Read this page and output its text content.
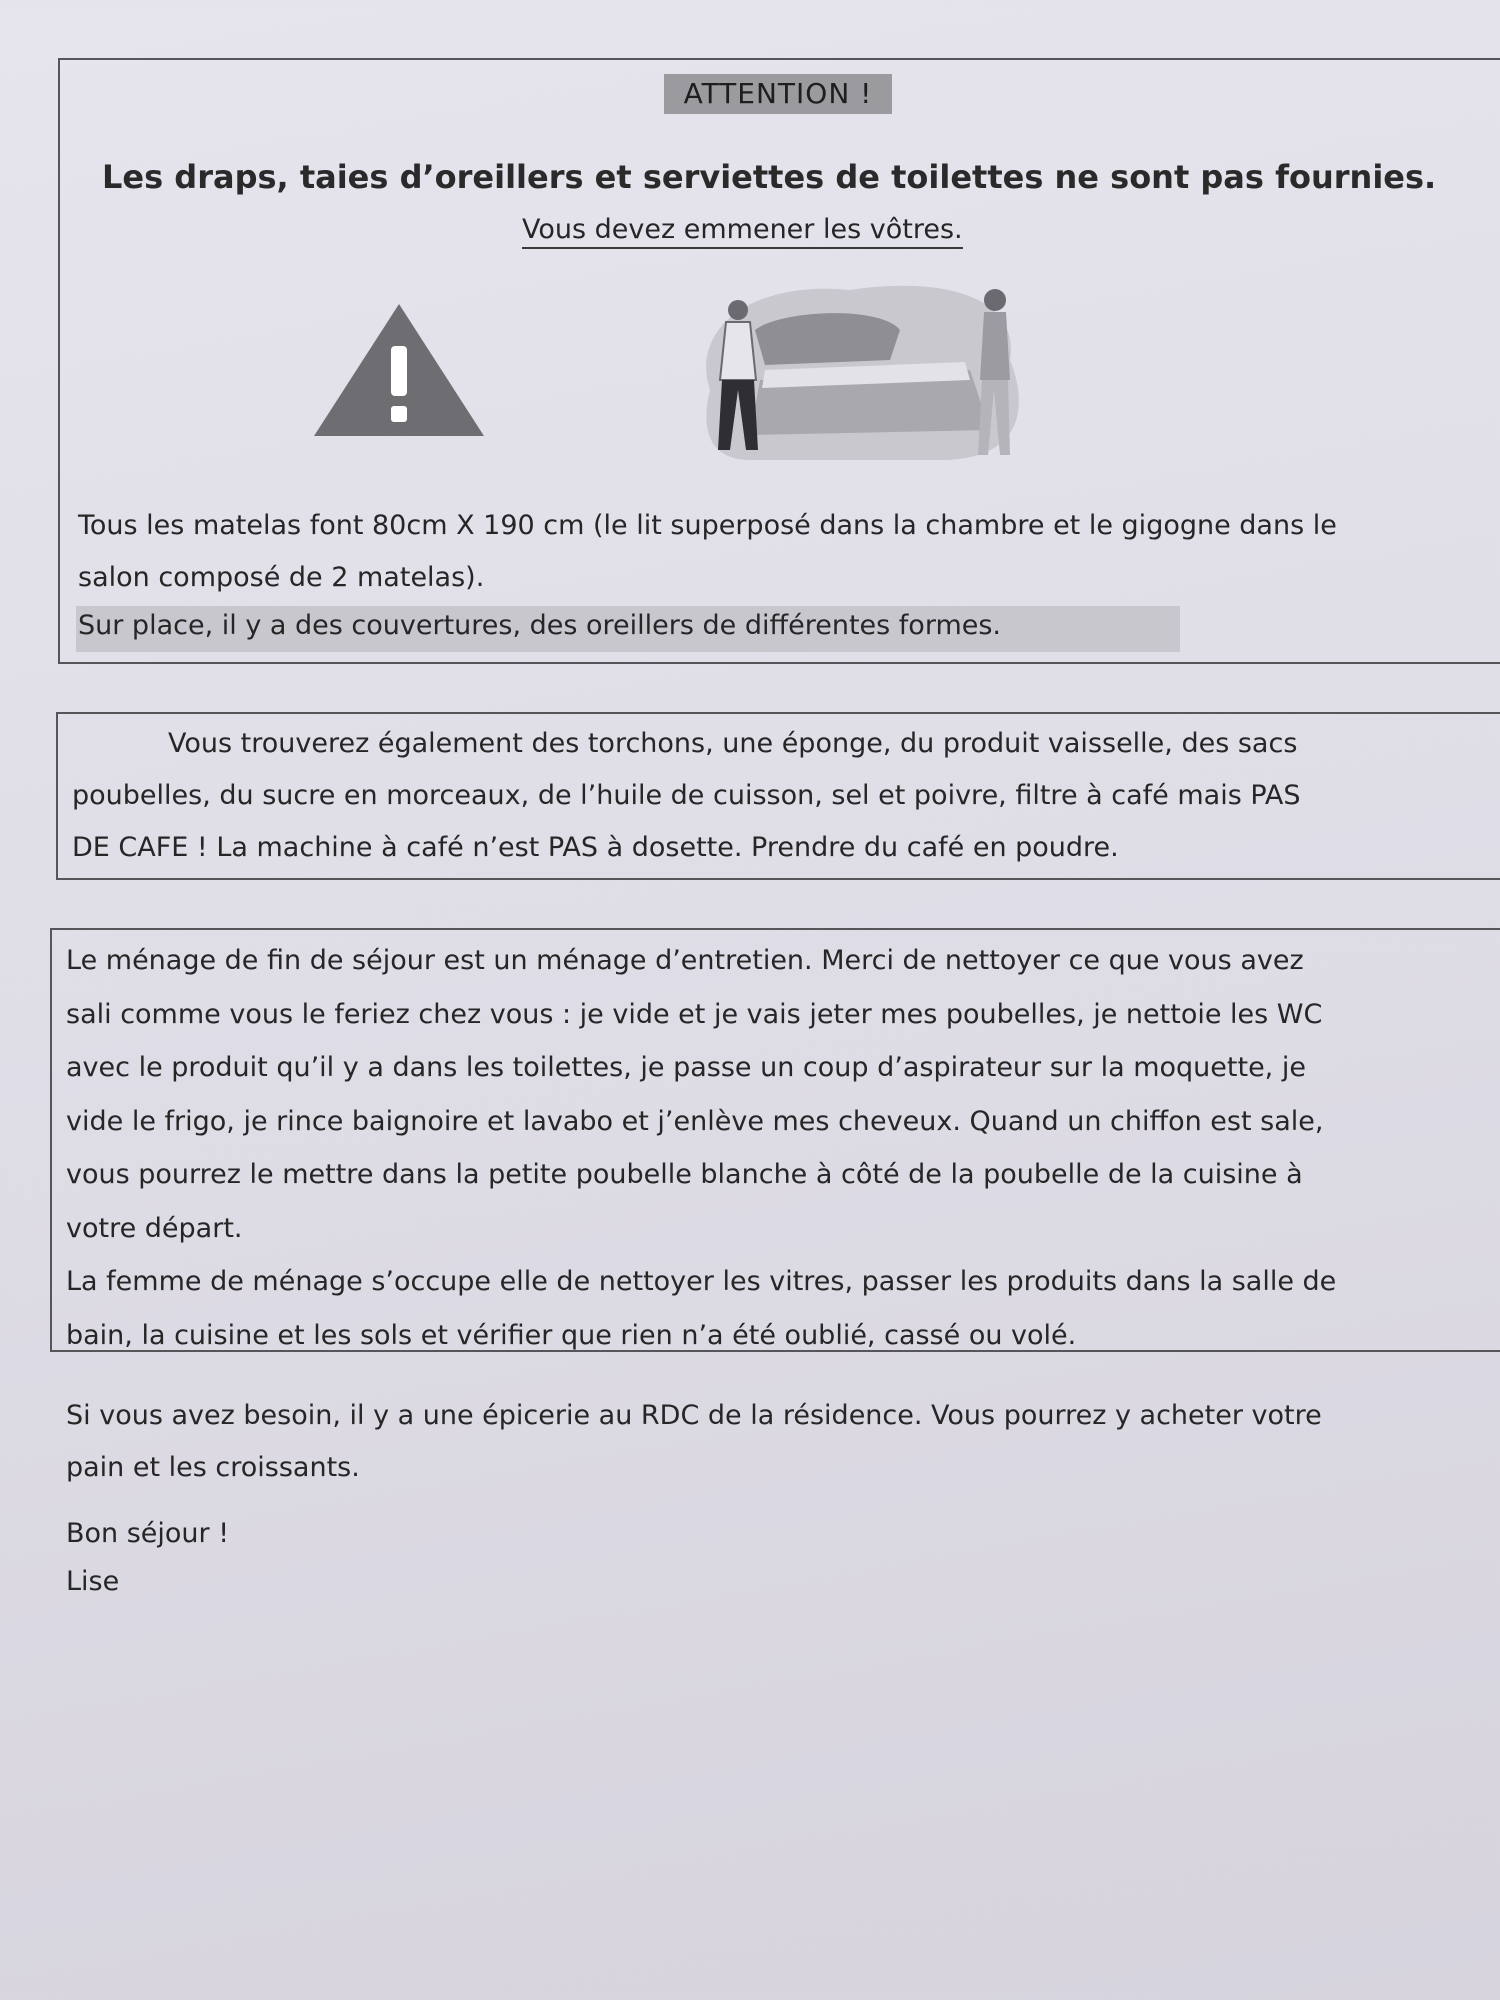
ATTENTION !
Les draps, taies d’oreillers et serviettes de toilettes ne sont pas fournies.
Vous devez emmener les vôtres.
Tous les matelas font 80cm X 190 cm (le lit superposé dans la chambre et le gigogne dans le
salon composé de 2 matelas).
Sur place, il y a des couvertures, des oreillers de différentes formes.
Vous trouverez également des torchons, une éponge, du produit vaisselle, des sacs
poubelles, du sucre en morceaux, de l’huile de cuisson, sel et poivre, filtre à café mais PAS
DE CAFE ! La machine à café n’est PAS à dosette. Prendre du café en poudre.
Le ménage de fin de séjour est un ménage d’entretien. Merci de nettoyer ce que vous avez
sali comme vous le feriez chez vous : je vide et je vais jeter mes poubelles, je nettoie les WC
avec le produit qu’il y a dans les toilettes, je passe un coup d’aspirateur sur la moquette, je
vide le frigo, je rince baignoire et lavabo et j’enlève mes cheveux. Quand un chiffon est sale,
vous pourrez le mettre dans la petite poubelle blanche à côté de la poubelle de la cuisine à
votre départ.
La femme de ménage s’occupe elle de nettoyer les vitres, passer les produits dans la salle de
bain, la cuisine et les sols et vérifier que rien n’a été oublié, cassé ou volé.
Si vous avez besoin, il y a une épicerie au RDC de la résidence. Vous pourrez y acheter votre
pain et les croissants.
Bon séjour !
Lise
